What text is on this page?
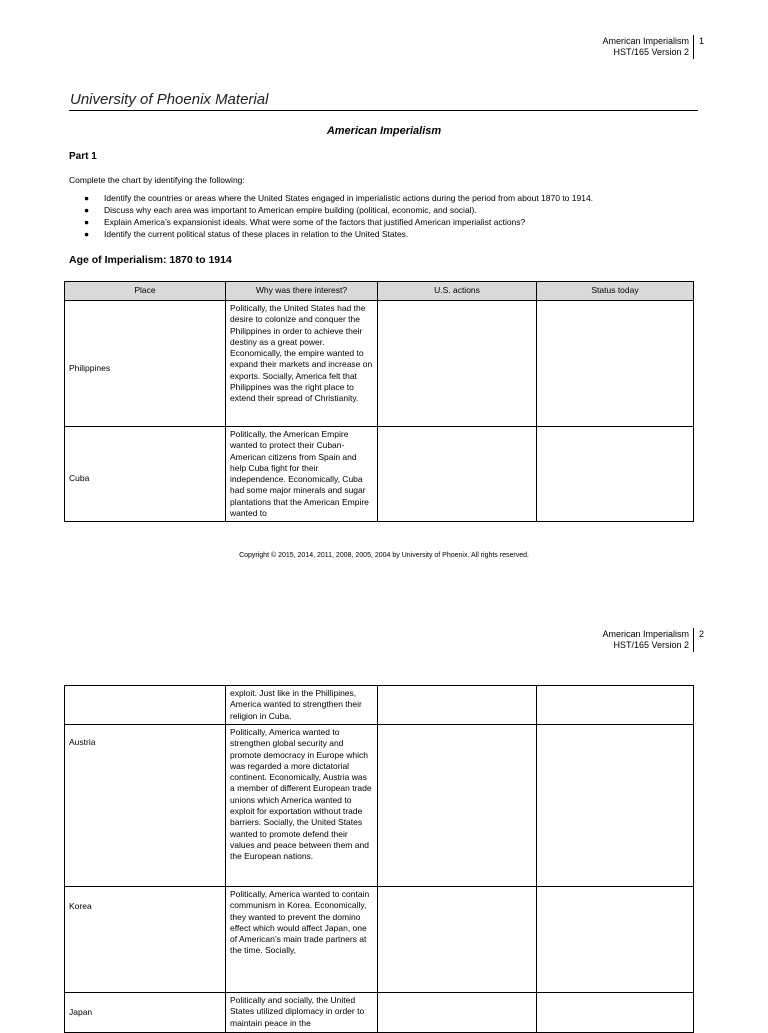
American Imperialism
HST/165 Version 2
1
University of Phoenix Material
American Imperialism
Part 1
Complete the chart by identifying the following:
● Identify the countries or areas where the United States engaged in imperialistic actions during the period from about 1870 to 1914.
● Discuss why each area was important to American empire building (political, economic, and social).
● Explain America’s expansionist ideals. What were some of the factors that justified American imperialist actions?
● Identify the current political status of these places in relation to the United States.
Age of Imperialism: 1870 to 1914
Place	Why was there interest?	U.S. actions	Status today
Philippines	Politically, the United States had the desire to colonize and conquer the Philippines in order to achieve their destiny as a great power. Economically, the empire wanted to expand their markets and increase on exports. Socially, America felt that Philippines was the right place to extend their spread of Christianity.		
Cuba	Politically, the American Empire wanted to protect their Cuban-American citizens from Spain and help Cuba fight for their independence. Economically, Cuba had some major minerals and sugar plantations that the American Empire wanted to		
Copyright © 2015, 2014, 2011, 2008, 2005, 2004 by University of Phoenix. All rights reserved.
American Imperialism
HST/165 Version 2
2
	exploit. Just like in the Phillipines, America wanted to strengthen their religion in Cuba.		
Austria	Politically, America wanted to strengthen global security and promote democracy in Europe which was regarded a more dictatorial continent. Economically, Austria was a member of different European trade unions which America wanted to exploit for exportation without trade barriers. Socially, the United States wanted to promote defend their values and peace between them and the European nations.		
Korea	Politically, America wanted to contain communism in Korea. Economically, they wanted to prevent the domino effect which would affect Japan, one of American’s main trade partners at the time. Socially,		
Japan	Politically and socially, the United States utilized diplomacy in order to maintain peace in the		
